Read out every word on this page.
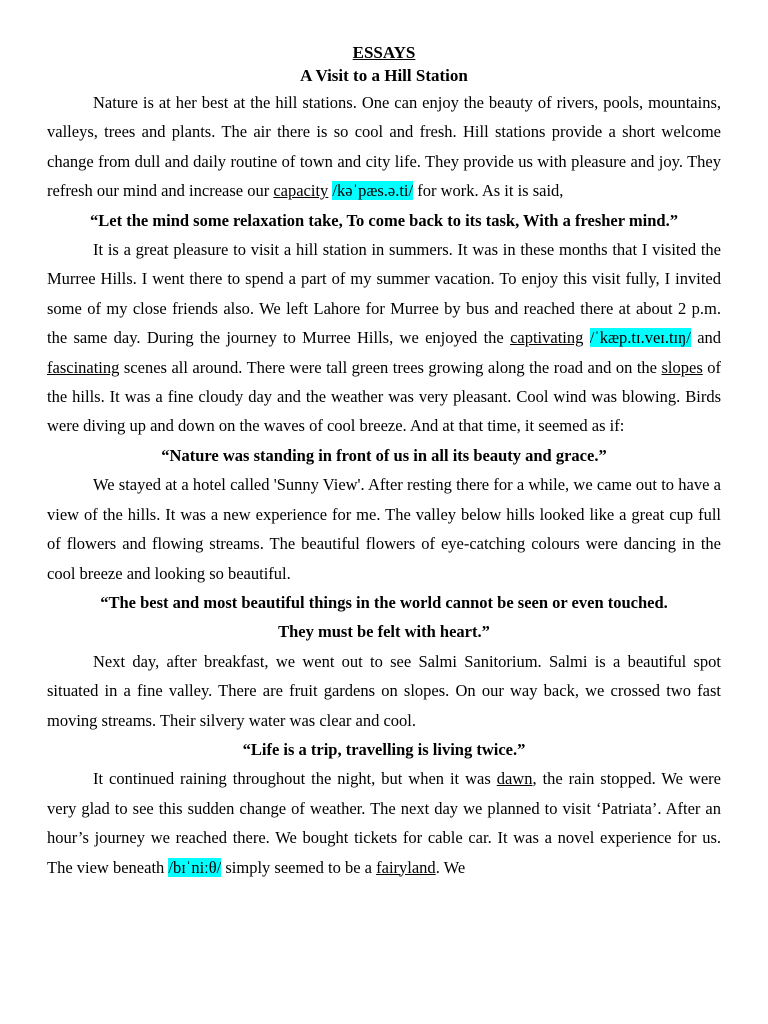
ESSAYS

A Visit to a Hill Station

Nature is at her best at the hill stations. One can enjoy the beauty of rivers, pools, mountains, valleys, trees and plants. The air there is so cool and fresh. Hill stations provide a short welcome change from dull and daily routine of town and city life. They provide us with pleasure and joy. They refresh our mind and increase our capacity /kəˈpæs.ə.ti/ for work. As it is said,

“Let the mind some relaxation take, To come back to its task, With a fresher mind.”

It is a great pleasure to visit a hill station in summers. It was in these months that I visited the Murree Hills. I went there to spend a part of my summer vacation. To enjoy this visit fully, I invited some of my close friends also. We left Lahore for Murree by bus and reached there at about 2 p.m. the same day. During the journey to Murree Hills, we enjoyed the captivating /ˈkæp.tɪ.veɪ.tɪŋ/ and fascinating scenes all around. There were tall green trees growing along the road and on the slopes of the hills. It was a fine cloudy day and the weather was very pleasant. Cool wind was blowing. Birds were diving up and down on the waves of cool breeze. And at that time, it seemed as if:

“Nature was standing in front of us in all its beauty and grace.”

We stayed at a hotel called 'Sunny View'. After resting there for a while, we came out to have a view of the hills. It was a new experience for me. The valley below hills looked like a great cup full of flowers and flowing streams. The beautiful flowers of eye-catching colours were dancing in the cool breeze and looking so beautiful.

“The best and most beautiful things in the world cannot be seen or even touched.

They must be felt with heart.”

Next day, after breakfast, we went out to see Salmi Sanitorium. Salmi is a beautiful spot situated in a fine valley. There are fruit gardens on slopes. On our way back, we crossed two fast moving streams. Their silvery water was clear and cool.

“Life is a trip, travelling is living twice.”

It continued raining throughout the night, but when it was dawn, the rain stopped. We were very glad to see this sudden change of weather. The next day we planned to visit ‘Patriata’. After an hour’s journey we reached there. We bought tickets for cable car. It was a novel experience for us. The view beneath /bɪˈniːθ/ simply seemed to be a fairyland. We
